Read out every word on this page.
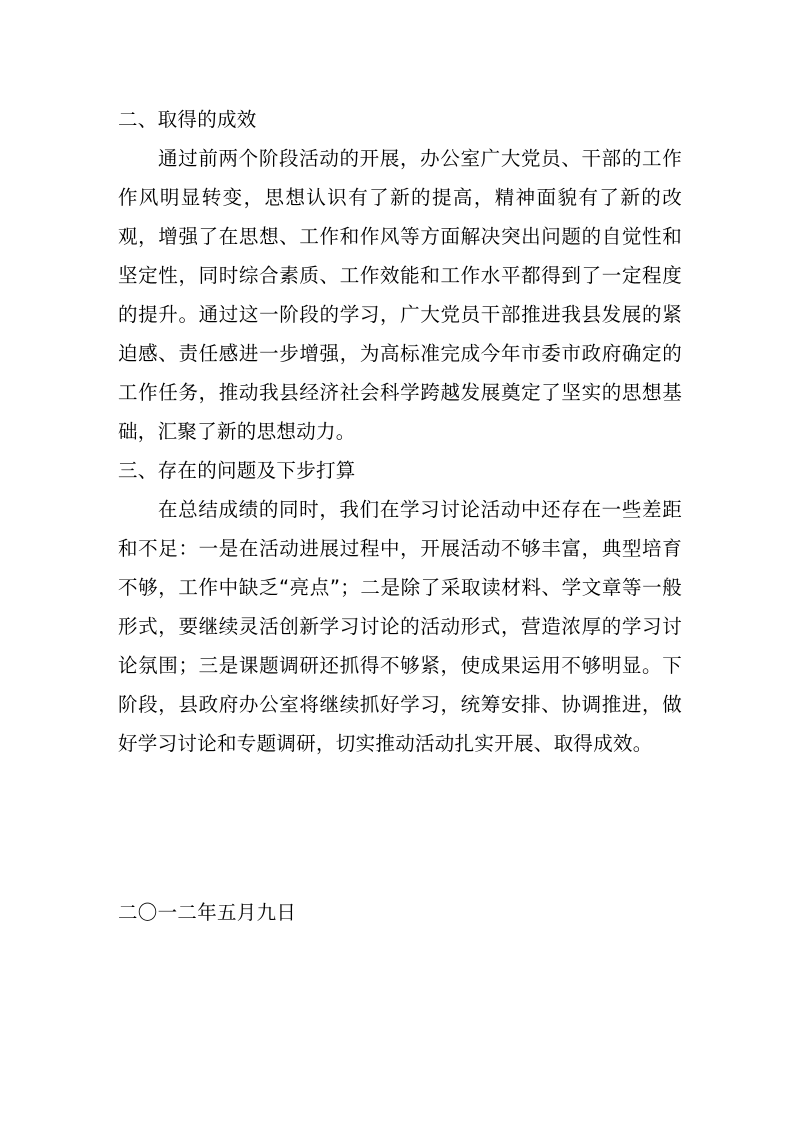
二、取得的成效

通过前两个阶段活动的开展，办公室广大党员、干部的工作作风明显转变，思想认识有了新的提高，精神面貌有了新的改观，增强了在思想、工作和作风等方面解决突出问题的自觉性和坚定性，同时综合素质、工作效能和工作水平都得到了一定程度的提升。通过这一阶段的学习，广大党员干部推进我县发展的紧迫感、责任感进一步增强，为高标准完成今年市委市政府确定的工作任务，推动我县经济社会科学跨越发展奠定了坚实的思想基础，汇聚了新的思想动力。

三、存在的问题及下步打算

在总结成绩的同时，我们在学习讨论活动中还存在一些差距和不足：一是在活动进展过程中，开展活动不够丰富，典型培育不够，工作中缺乏“亮点”；二是除了采取读材料、学文章等一般形式，要继续灵活创新学习讨论的活动形式，营造浓厚的学习讨论氛围；三是课题调研还抓得不够紧，使成果运用不够明显。下阶段，县政府办公室将继续抓好学习，统筹安排、协调推进，做好学习讨论和专题调研，切实推动活动扎实开展、取得成效。

二〇一二年五月九日
